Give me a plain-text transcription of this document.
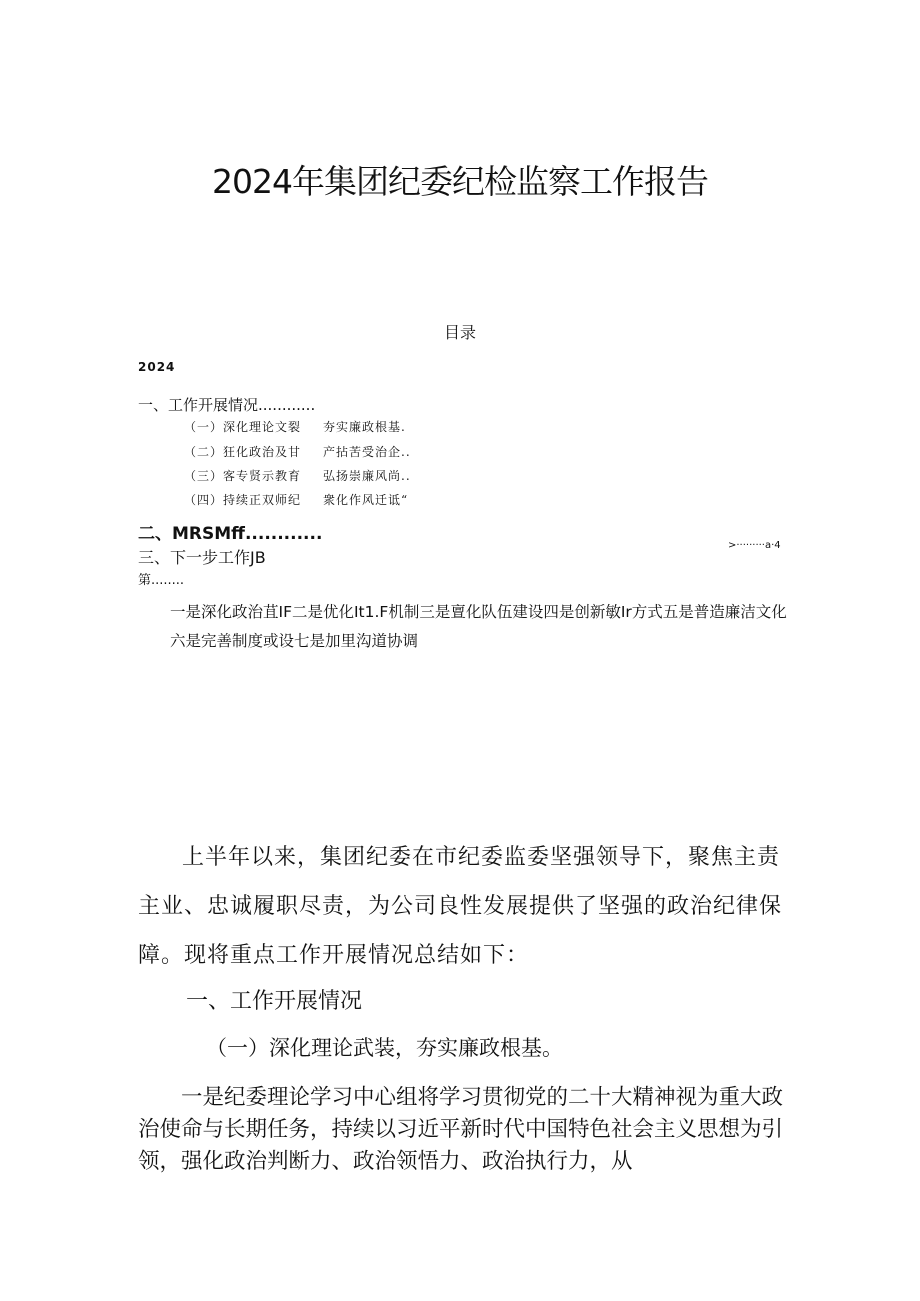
2024年集团纪委纪检监察工作报告
目录
2024
一、工作开展情况............
（一）深化理论文裂 夯实廉政根基.
（二）狂化政治及甘 产拈苦受治企..
（三）客专贤示教育 弘扬崇廉风尚..
（四）持续正双师纪 衆化作风迁诋“
二、MRSMff............
>·········a·4
三、下一步工作JB
第........
一是深化政治苴IF二是优化It1.F机制三是亶化队伍建设四是创新敏Ir方式五是普造廉洁文化六是完善制度或设七是加里沟道协调
上半年以来，集团纪委在市纪委监委坚强领导下，聚焦主责主业、忠诚履职尽责，为公司良性发展提供了坚强的政治纪律保障。现将重点工作开展情况总结如下：
一、工作开展情况
（一）深化理论武装，夯实廉政根基。
一是纪委理论学习中心组将学习贯彻党的二十大精神视为重大政治使命与长期任务，持续以习近平新时代中国特色社会主义思想为引领，强化政治判断力、政治领悟力、政治执行力，从
